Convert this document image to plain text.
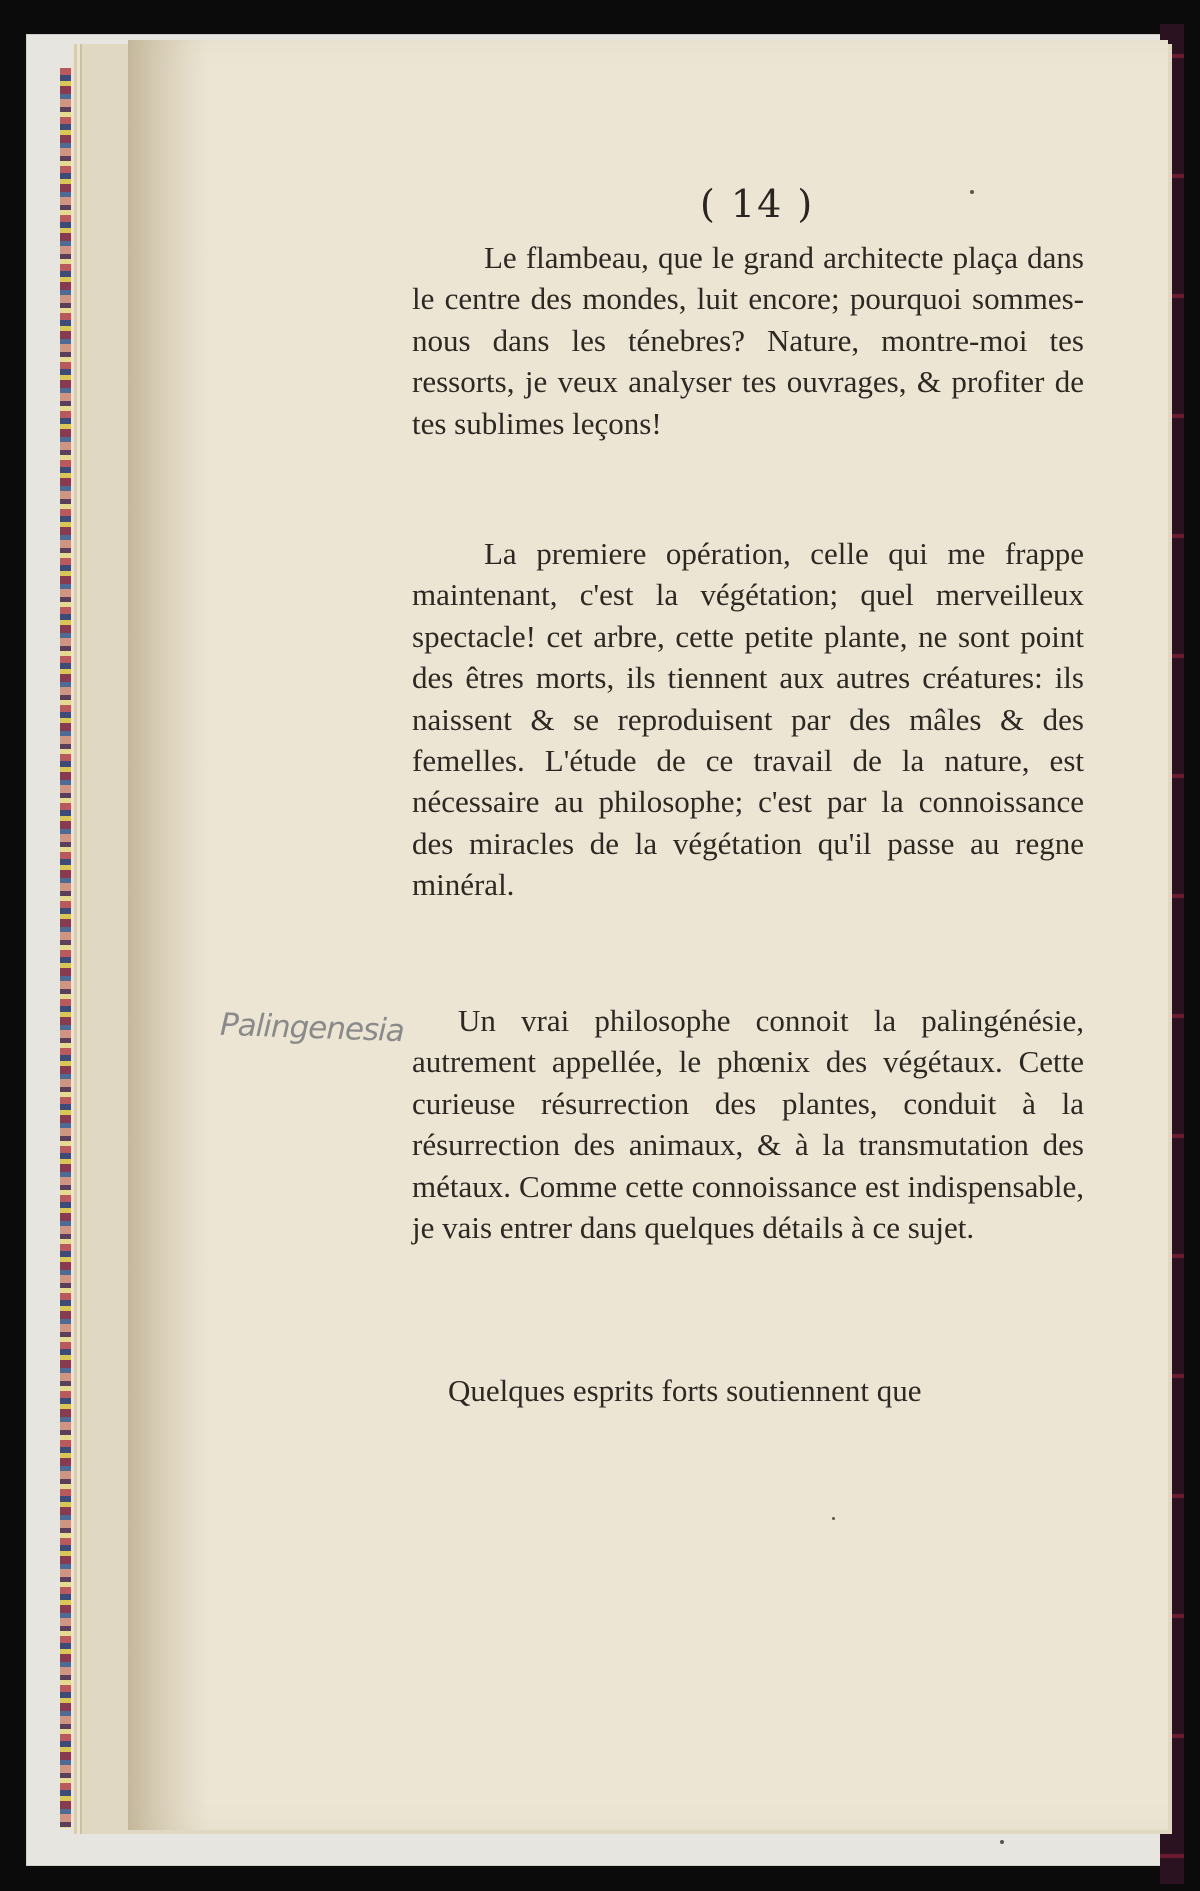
( 14 )
Le flambeau, que le grand architecte plaça dans le centre des mondes, luit encore; pourquoi sommes-nous dans les ténebres? Nature, montre-moi tes ressorts, je veux analyser tes ouvrages, & profiter de tes sublimes leçons!
La premiere opération, celle qui me frappe maintenant, c'est la végétation; quel merveilleux spectacle! cet arbre, cette petite plante, ne sont point des êtres morts, ils tiennent aux autres créatures: ils naissent & se reproduisent par des mâles & des femelles. L'étude de ce travail de la nature, est nécessaire au philosophe; c'est par la connoissance des miracles de la végétation qu'il passe au regne minéral.
Un vrai philosophe connoit la palingénésie, autrement appellée, le phœnix des végétaux. Cette curieuse résurrection des plantes, conduit à la résurrection des animaux, & à la transmutation des métaux. Comme cette connoissance est indispensable, je vais entrer dans quelques détails à ce sujet.
Quelques esprits forts soutiennent que
Palingenesia
